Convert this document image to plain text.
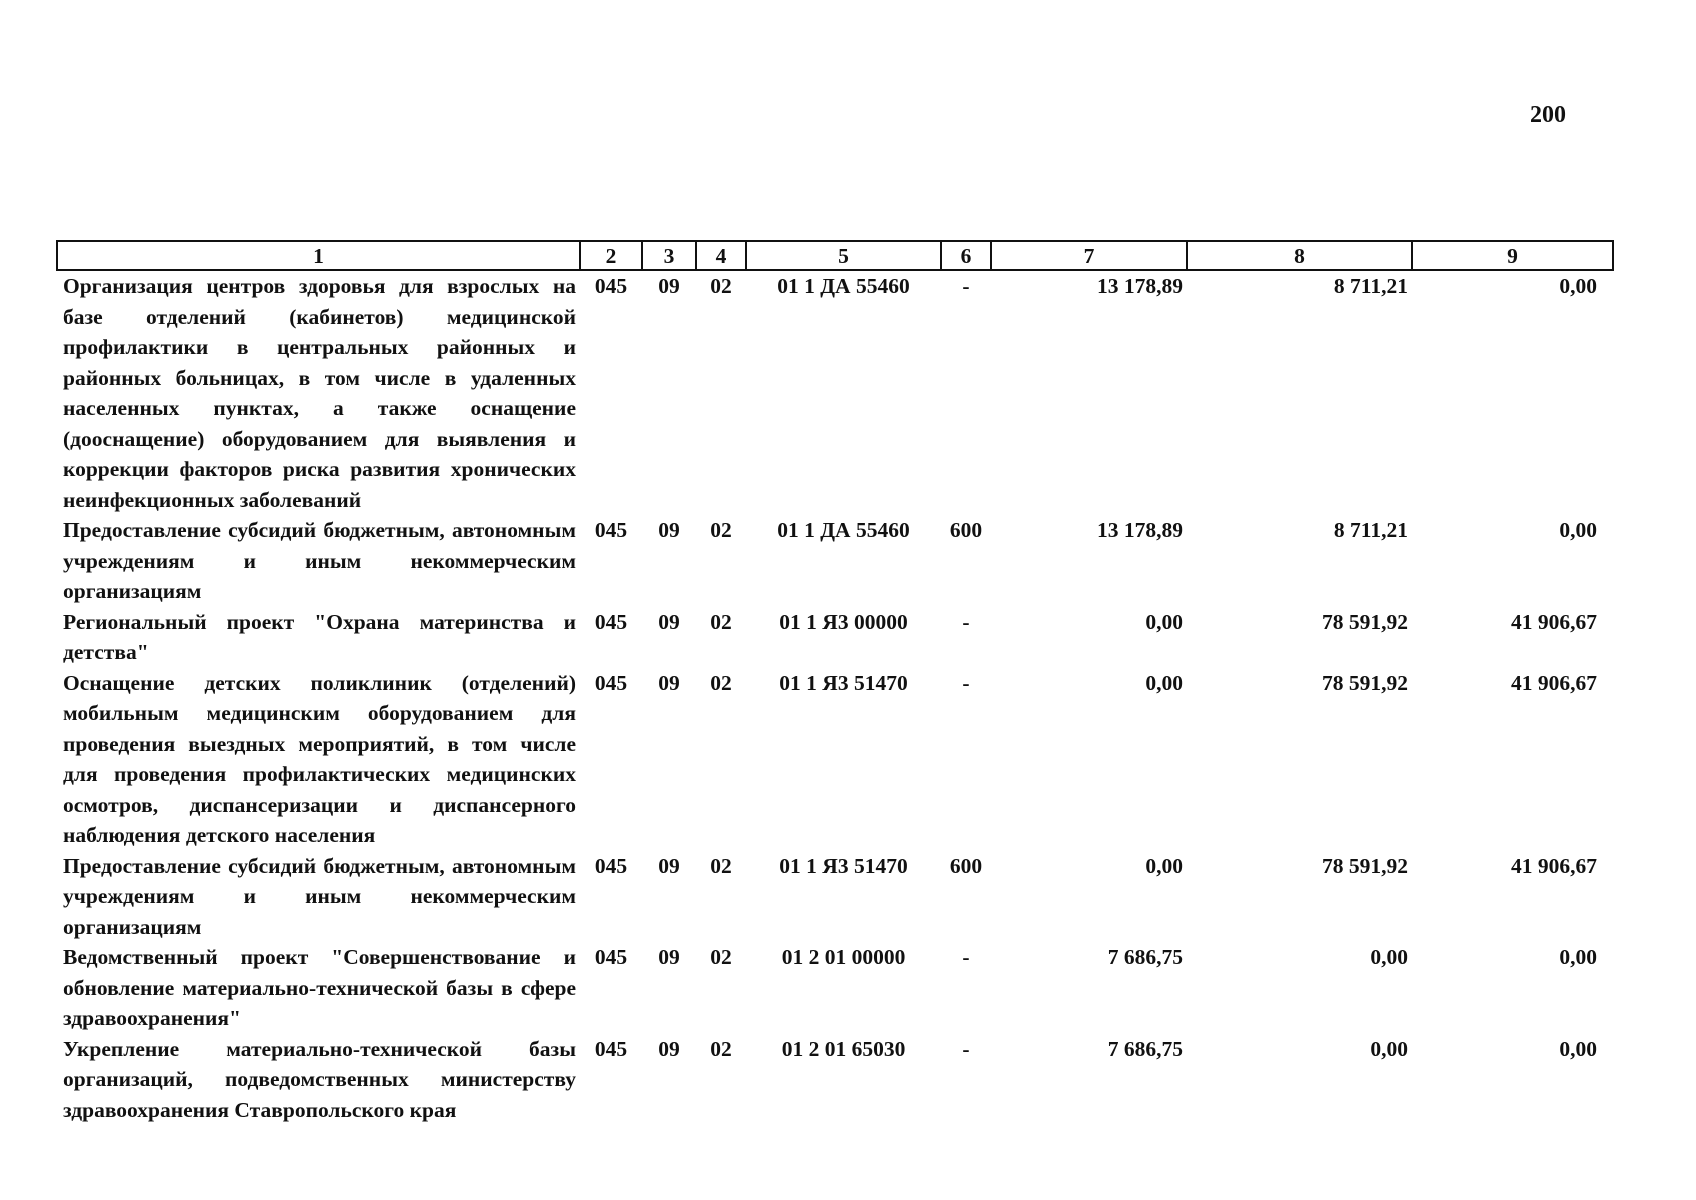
200
1	2	3	4	5	6	7	8	9
Организация центров здоровья для взрослых на базе отделений (кабинетов) медицинской профилактики в центральных районных и районных больницах, в том числе в удаленных населенных пунктах, а также оснащение (дооснащение) оборудованием для выявления и коррекции факторов риска развития хронических неинфекционных заболеваний	045	09	02	01 1 ДА 55460	-	13 178,89	8 711,21	0,00
Предоставление субсидий бюджетным, автономным учреждениям и иным некоммерческим организациям	045	09	02	01 1 ДА 55460	600	13 178,89	8 711,21	0,00
Региональный проект "Охрана материнства и детства"	045	09	02	01 1 Я3 00000	-	0,00	78 591,92	41 906,67
Оснащение детских поликлиник (отделений) мобильным медицинским оборудованием для проведения выездных мероприятий, в том числе для проведения профилактических медицинских осмотров, диспансеризации и диспансерного наблюдения детского населения	045	09	02	01 1 Я3 51470	-	0,00	78 591,92	41 906,67
Предоставление субсидий бюджетным, автономным учреждениям и иным некоммерческим организациям	045	09	02	01 1 Я3 51470	600	0,00	78 591,92	41 906,67
Ведомственный проект "Совершенствование и обновление материально-технической базы в сфере здравоохранения"	045	09	02	01 2 01 00000	-	7 686,75	0,00	0,00
Укрепление материально-технической базы организаций, подведомственных министерству здравоохранения Ставропольского края	045	09	02	01 2 01 65030	-	7 686,75	0,00	0,00
